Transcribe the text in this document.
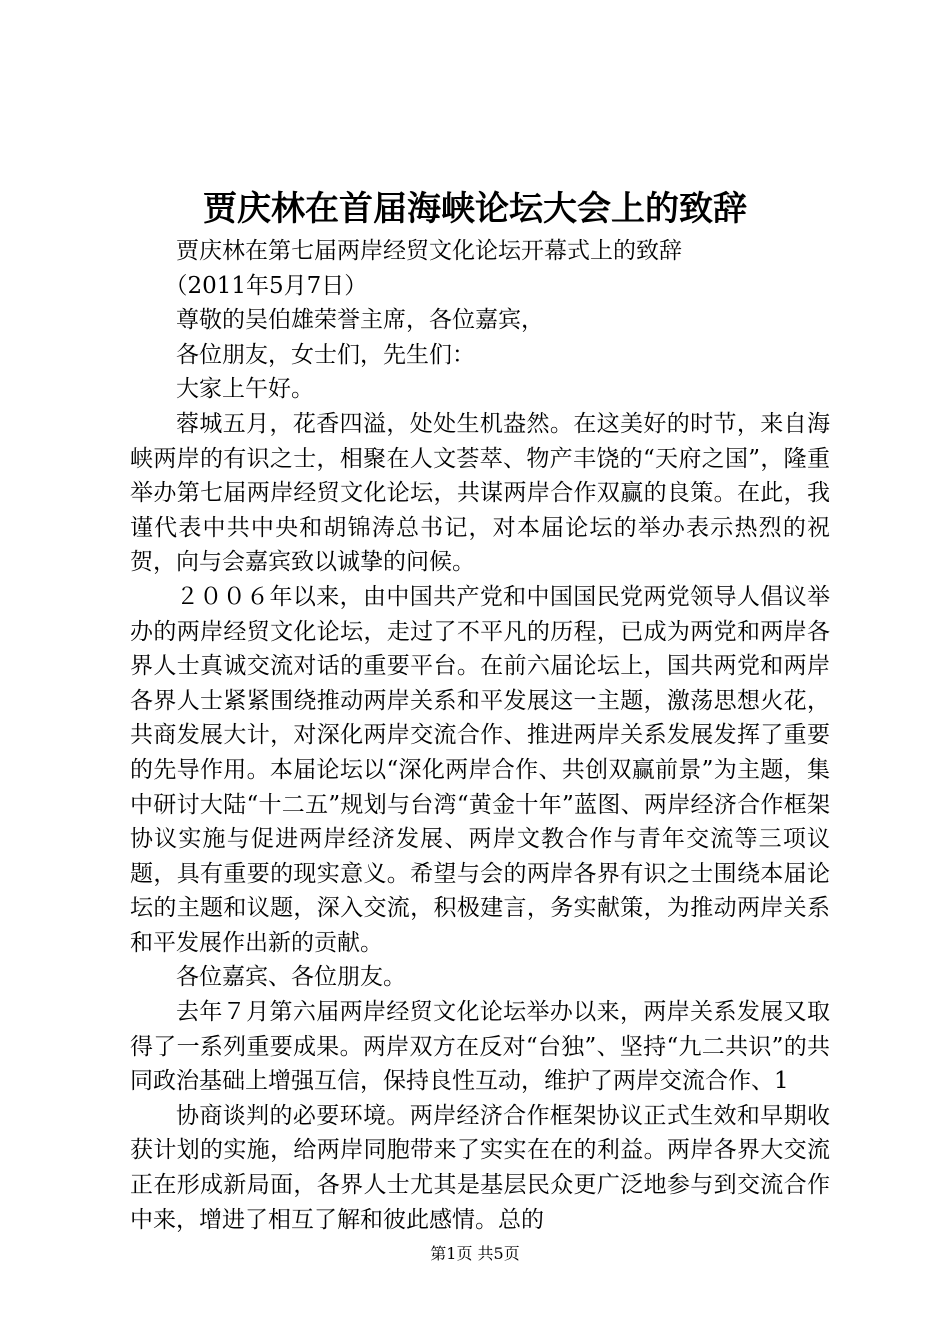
贾庆林在首届海峡论坛大会上的致辞

贾庆林在第七届两岸经贸文化论坛开幕式上的致辞

（2011年5月7日）

尊敬的吴伯雄荣誉主席，各位嘉宾，

各位朋友，女士们，先生们：

大家上午好。

蓉城五月，花香四溢，处处生机盎然。在这美好的时节，来自海峡两岸的有识之士，相聚在人文荟萃、物产丰饶的“天府之国”，隆重举办第七届两岸经贸文化论坛，共谋两岸合作双赢的良策。在此，我谨代表中共中央和胡锦涛总书记，对本届论坛的举办表示热烈的祝贺，向与会嘉宾致以诚挚的问候。

２００６年以来，由中国共产党和中国国民党两党领导人倡议举办的两岸经贸文化论坛，走过了不平凡的历程，已成为两党和两岸各界人士真诚交流对话的重要平台。在前六届论坛上，国共两党和两岸各界人士紧紧围绕推动两岸关系和平发展这一主题，激荡思想火花，共商发展大计，对深化两岸交流合作、推进两岸关系发展发挥了重要的先导作用。本届论坛以“深化两岸合作、共创双赢前景”为主题，集中研讨大陆“十二五”规划与台湾“黄金十年”蓝图、两岸经济合作框架协议实施与促进两岸经济发展、两岸文教合作与青年交流等三项议题，具有重要的现实意义。希望与会的两岸各界有识之士围绕本届论坛的主题和议题，深入交流，积极建言，务实献策，为推动两岸关系和平发展作出新的贡献。

各位嘉宾、各位朋友。

去年７月第六届两岸经贸文化论坛举办以来，两岸关系发展又取得了一系列重要成果。两岸双方在反对“台独”、坚持“九二共识”的共同政治基础上增强互信，保持良性互动，维护了两岸交流合作、1

协商谈判的必要环境。两岸经济合作框架协议正式生效和早期收获计划的实施，给两岸同胞带来了实实在在的利益。两岸各界大交流正在形成新局面，各界人士尤其是基层民众更广泛地参与到交流合作中来，增进了相互了解和彼此感情。总的

第1页 共5页
